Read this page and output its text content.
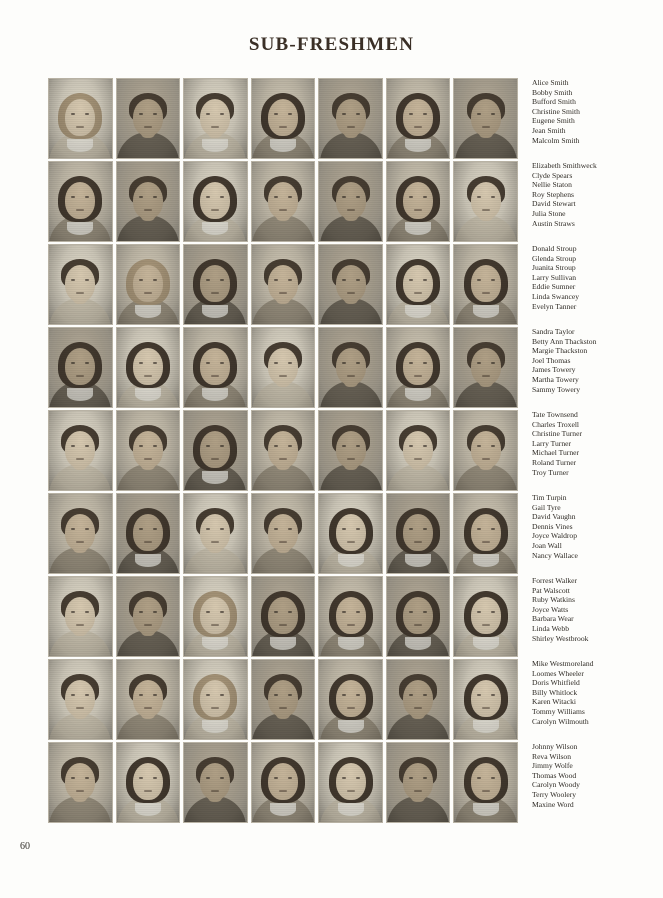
SUB-FRESHMEN
Alice Smith
Bobby Smith
Bufford Smith
Christine Smith
Eugene Smith
Jean Smith
Malcolm Smith
Elizabeth Smithweck
Clyde Spears
Nellie Staton
Roy Stephens
David Stewart
Julia Stone
Austin Straws
Donald Stroup
Glenda Stroup
Juanita Stroup
Larry Sullivan
Eddie Sumner
Linda Swancey
Evelyn Tanner
Sandra Taylor
Betty Ann Thackston
Margie Thackston
Joel Thomas
James Towery
Martha Towery
Sammy Towery
Tate Townsend
Charles Troxell
Christine Turner
Larry Turner
Michael Turner
Roland Turner
Troy Turner
Tim Turpin
Gail Tyre
David Vaughn
Dennis Vines
Joyce Waldrop
Joan Wall
Nancy Wallace
Forrest Walker
Pat Walscott
Ruby Watkins
Joyce Watts
Barbara Wear
Linda Webb
Shirley Westbrook
Mike Westmoreland
Loomes Wheeler
Doris Whitfield
Billy Whitlock
Karen Witacki
Tommy Williams
Carolyn Wilmouth
Johnny Wilson
Reva Wilson
Jimmy Wolfe
Thomas Wood
Carolyn Woody
Terry Woolery
Maxine Word
60
